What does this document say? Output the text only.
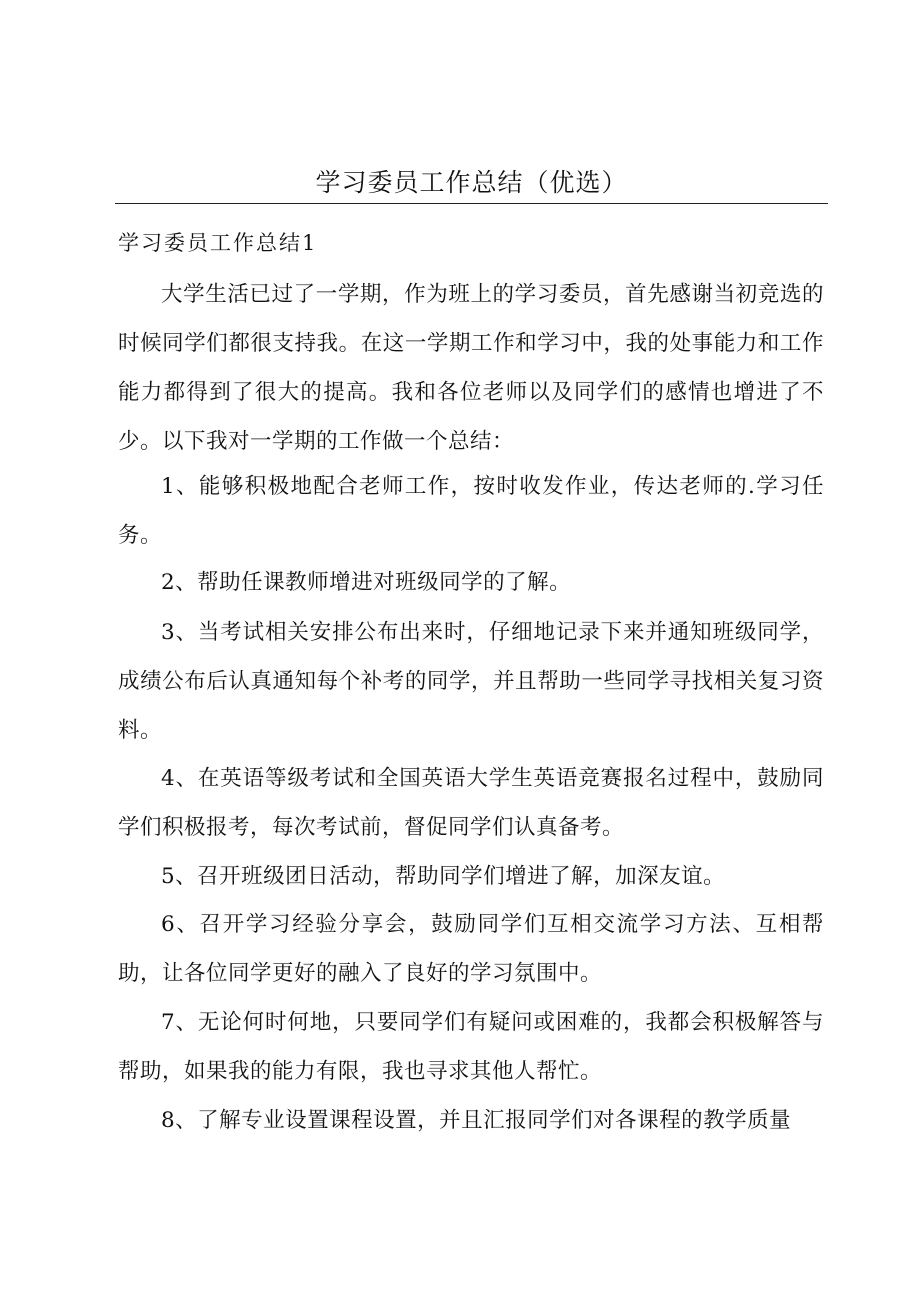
学习委员工作总结（优选）
学习委员工作总结1

大学生活已过了一学期，作为班上的学习委员，首先感谢当初竞选的时候同学们都很支持我。在这一学期工作和学习中，我的处事能力和工作能力都得到了很大的提高。我和各位老师以及同学们的感情也增进了不少。以下我对一学期的工作做一个总结：

1、能够积极地配合老师工作，按时收发作业，传达老师的.学习任务。

2、帮助任课教师增进对班级同学的了解。

3、当考试相关安排公布出来时，仔细地记录下来并通知班级同学，成绩公布后认真通知每个补考的同学，并且帮助一些同学寻找相关复习资料。

4、在英语等级考试和全国英语大学生英语竞赛报名过程中，鼓励同学们积极报考，每次考试前，督促同学们认真备考。

5、召开班级团日活动，帮助同学们增进了解，加深友谊。

6、召开学习经验分享会，鼓励同学们互相交流学习方法、互相帮助，让各位同学更好的融入了良好的学习氛围中。

7、无论何时何地，只要同学们有疑问或困难的，我都会积极解答与帮助，如果我的能力有限，我也寻求其他人帮忙。

8、了解专业设置课程设置，并且汇报同学们对各课程的教学质量
